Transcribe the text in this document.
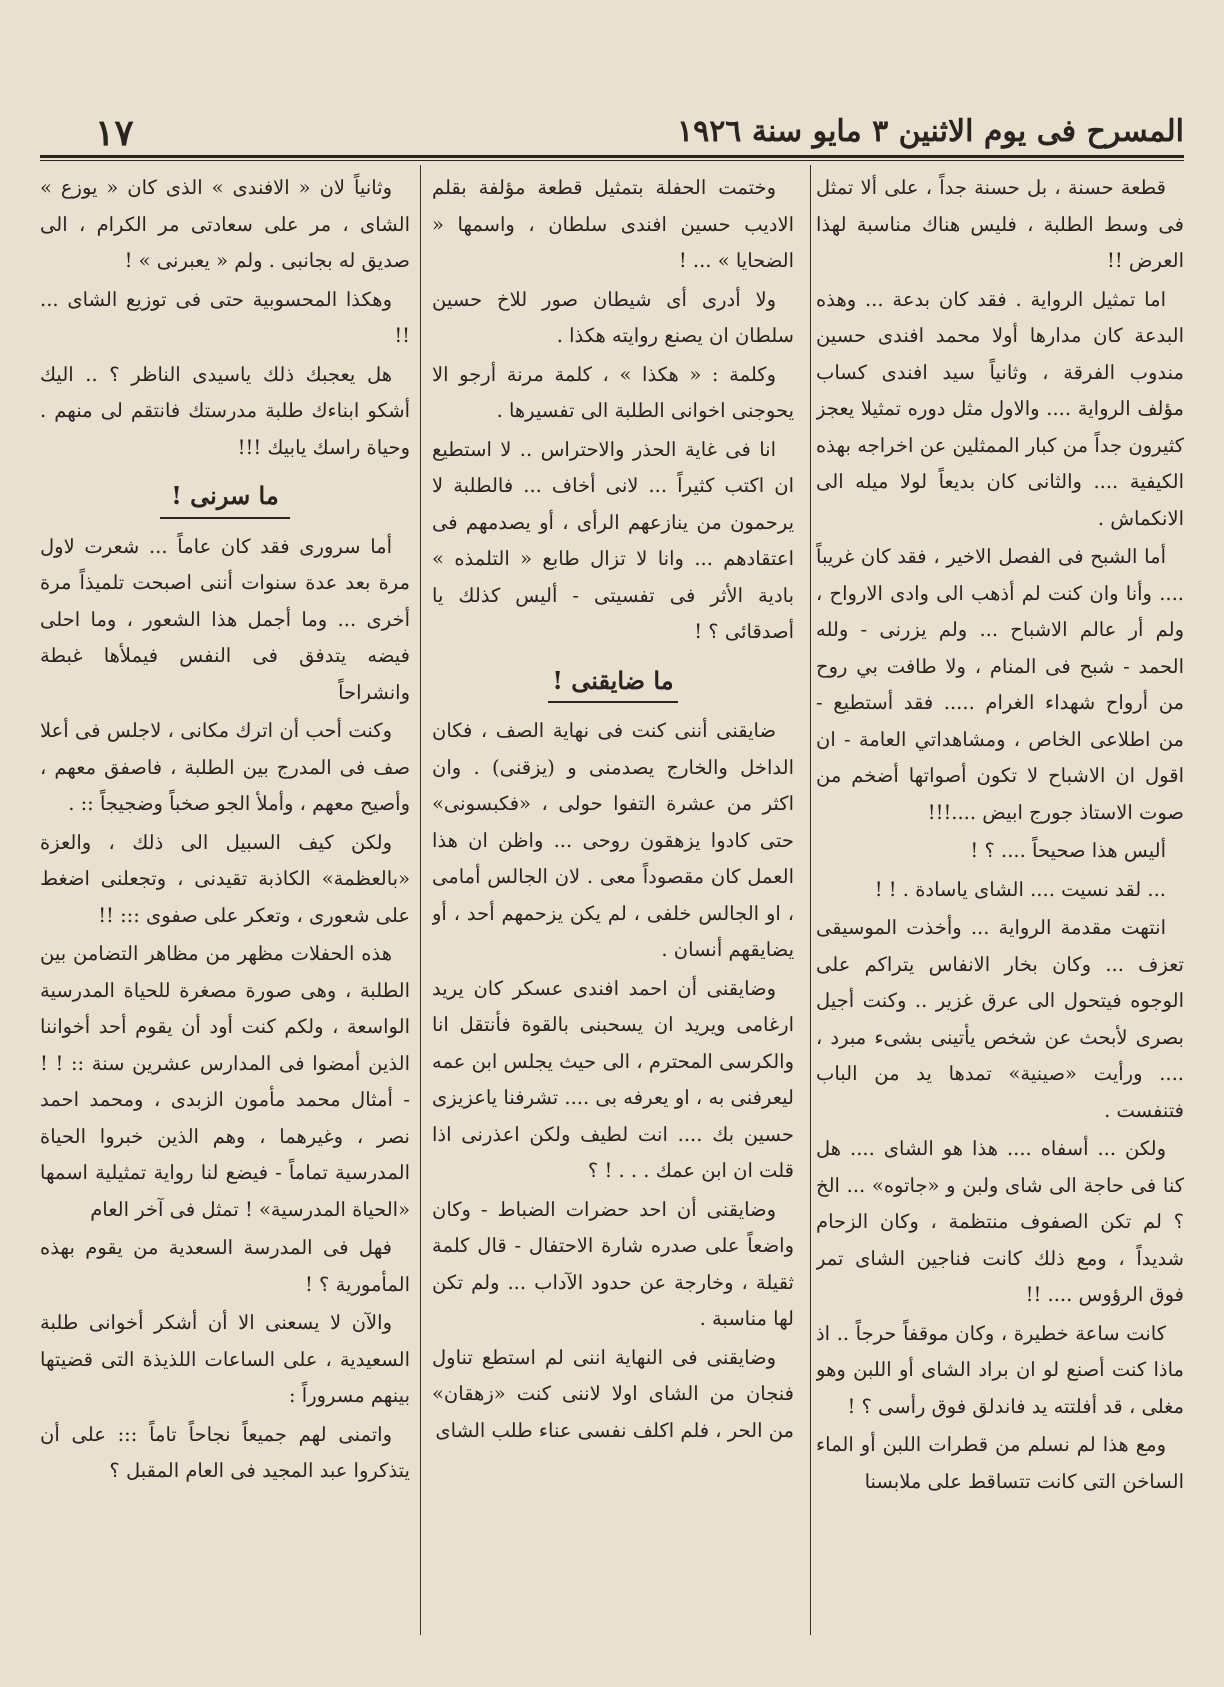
المسرح فى يوم الاثنين ٣ مايو سنة ١٩٢٦
١٧

قطعة حسنة ، بل حسنة جداً ، على ألا تمثل فى وسط الطلبة ، فليس هناك مناسبة لهذا العرض !!

اما تمثيل الرواية . فقد كان بدعة ... وهذه البدعة كان مدارها أولا محمد افندى حسين مندوب الفرقة ، وثانياً سيد افندى كساب مؤلف الرواية .... والاول مثل دوره تمثيلا يعجز كثيرون جداً من كبار الممثلين عن اخراجه بهذه الكيفية .... والثانى كان بديعاً لولا ميله الى الانكماش .

أما الشبح فى الفصل الاخير ، فقد كان غريباً .... وأنا وان كنت لم أذهب الى وادى الارواح ، ولم أر عالم الاشباح ... ولم يزرنى - ولله الحمد - شبح فى المنام ، ولا طافت بي روح من أرواح شهداء الغرام ..... فقد أستطيع - من اطلاعى الخاص ، ومشاهداتي العامة - ان اقول ان الاشباح لا تكون أصواتها أضخم من صوت الاستاذ جورج ابيض ....!!!

أليس هذا صحيحاً .... ؟ !

... لقد نسيت .... الشاى ياسادة . ! !

انتهت مقدمة الرواية ... وأخذت الموسيقى تعزف ... وكان بخار الانفاس يتراكم على الوجوه فيتحول الى عرق غزير .. وكنت أجيل بصرى لأبحث عن شخص يأتينى بشىء مبرد ، .... ورأيت «صينية» تمدها يد من الباب فتنفست .

ولكن ... أسفاه .... هذا هو الشاى .... هل كنا فى حاجة الى شاى ولبن و «جاتوه» ... الخ ؟ لم تكن الصفوف منتظمة ، وكان الزحام شديداً ، ومع ذلك كانت فناجين الشاى تمر فوق الرؤوس .... !!

كانت ساعة خطيرة ، وكان موقفاً حرجاً .. اذ ماذا كنت أصنع لو ان براد الشاى أو اللبن وهو مغلى ، قد أفلتته يد فاندلق فوق رأسى ؟ !

ومع هذا لم نسلم من قطرات اللبن أو الماء الساخن التى كانت تتساقط على ملابسنا

وختمت الحفلة بتمثيل قطعة مؤلفة بقلم الاديب حسين افندى سلطان ، واسمها « الضحايا » ... !

ولا أدرى أى شيطان صور للاخ حسين سلطان ان يصنع روايته هكذا .

وكلمة : « هكذا » ، كلمة مرنة أرجو الا يحوجنى اخوانى الطلبة الى تفسيرها .

انا فى غاية الحذر والاحتراس .. لا استطيع ان اكتب كثيراً ... لانى أخاف ... فالطلبة لا يرحمون من ينازعهم الرأى ، أو يصدمهم فى اعتقادهم ... وانا لا تزال طابع « التلمذه » بادية الأثر فى تفسيتى - أليس كذلك يا أصدقائى ؟ !

ما ضايقنى !

ضايقنى أننى كنت فى نهاية الصف ، فكان الداخل والخارج يصدمنى و (يزقنى) . وان اكثر من عشرة التفوا حولى ، «فكبسونى» حتى كادوا يزهقون روحى ... واظن ان هذا العمل كان مقصوداً معى . لان الجالس أمامى ، او الجالس خلفى ، لم يكن يزحمهم أحد ، أو يضايقهم أنسان .

وضايقنى أن احمد افندى عسكر كان يريد ارغامى ويريد ان يسحبنى بالقوة فأنتقل انا والكرسى المحترم ، الى حيث يجلس ابن عمه ليعرفنى به ، او يعرفه بى .... تشرفنا ياعزيزى حسين بك .... انت لطيف ولكن اعذرنى اذا قلت ان ابن عمك . . . ! ؟

وضايقنى أن احد حضرات الضباط - وكان واضعاً على صدره شارة الاحتفال - قال كلمة ثقيلة ، وخارجة عن حدود الآداب ... ولم تكن لها مناسبة .

وضايقنى فى النهاية اننى لم استطع تناول فنجان من الشاى اولا لاننى كنت «زهقان» من الحر ، فلم اكلف نفسى عناء طلب الشاى

وثانياً لان « الافندى » الذى كان « يوزع » الشاى ، مر على سعادتى مر الكرام ، الى صديق له بجانبى . ولم « يعبرنى » !

وهكذا المحسوبية حتى فى توزيع الشاى ... !!

هل يعجبك ذلك ياسيدى الناظر ؟ .. اليك أشكو ابناءك طلبة مدرستك فانتقم لى منهم . وحياة راسك يابيك !!!

ما سرنى !

أما سرورى فقد كان عاماً ... شعرت لاول مرة بعد عدة سنوات أننى اصبحت تلميذاً مرة أخرى ... وما أجمل هذا الشعور ، وما احلى فيضه يتدفق فى النفس فيملأها غبطة وانشراحاً

وكنت أحب أن اترك مكانى ، لاجلس فى أعلا صف فى المدرج بين الطلبة ، فاصفق معهم ، وأصيح معهم ، وأملأ الجو صخباً وضجيجاً :: .

ولكن كيف السبيل الى ذلك ، والعزة «بالعظمة» الكاذبة تقيدنى ، وتجعلنى اضغط على شعورى ، وتعكر على صفوى ::: !!

هذه الحفلات مظهر من مظاهر التضامن بين الطلبة ، وهى صورة مصغرة للحياة المدرسية الواسعة ، ولكم كنت أود أن يقوم أحد أخواننا الذين أمضوا فى المدارس عشرين سنة :: ! ! - أمثال محمد مأمون الزبدى ، ومحمد احمد نصر ، وغيرهما ، وهم الذين خبروا الحياة المدرسية تماماً - فيضع لنا رواية تمثيلية اسمها «الحياة المدرسية» ! تمثل فى آخر العام

فهل فى المدرسة السعدية من يقوم بهذه المأمورية ؟ !

والآن لا يسعنى الا أن أشكر أخوانى طلبة السعيدية ، على الساعات اللذيذة التى قضيتها بينهم مسروراً :

واتمنى لهم جميعاً نجاحاً تاماً ::: على أن يتذكروا عبد المجيد فى العام المقبل ؟
